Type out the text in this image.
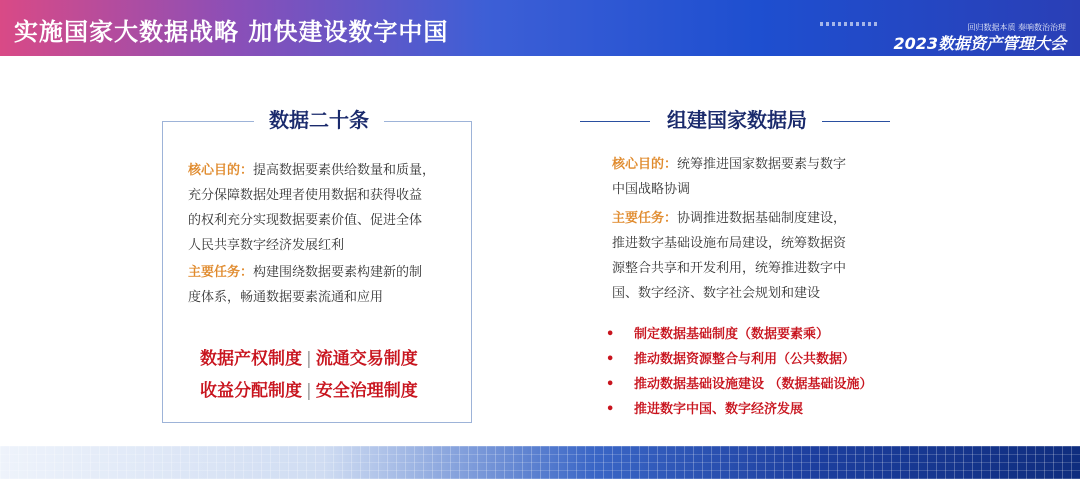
实施国家大数据战略 加快建设数字中国	回归数据本质 奏响数治治理
2023数据资产管理大会
数据二十条
核心目的：提高数据要素供给数量和质量，
充分保障数据处理者使用数据和获得收益
的权利充分实现数据要素价值、促进全体
人民共享数字经济发展红利
主要任务：构建围绕数据要素构建新的制
度体系，畅通数据要素流通和应用
数据产权制度 | 流通交易制度
收益分配制度 | 安全治理制度
组建国家数据局
核心目的：统筹推进国家数据要素与数字
中国战略协调
主要任务：协调推进数据基础制度建设，
推进数字基础设施布局建设，统筹数据资
源整合共享和开发利用，统筹推进数字中
国、数字经济、数字社会规划和建设
• 制定数据基础制度（数据要素乘）
• 推动数据资源整合与利用（公共数据）
• 推动数据基础设施建设 （数据基础设施）
• 推进数字中国、数字经济发展
